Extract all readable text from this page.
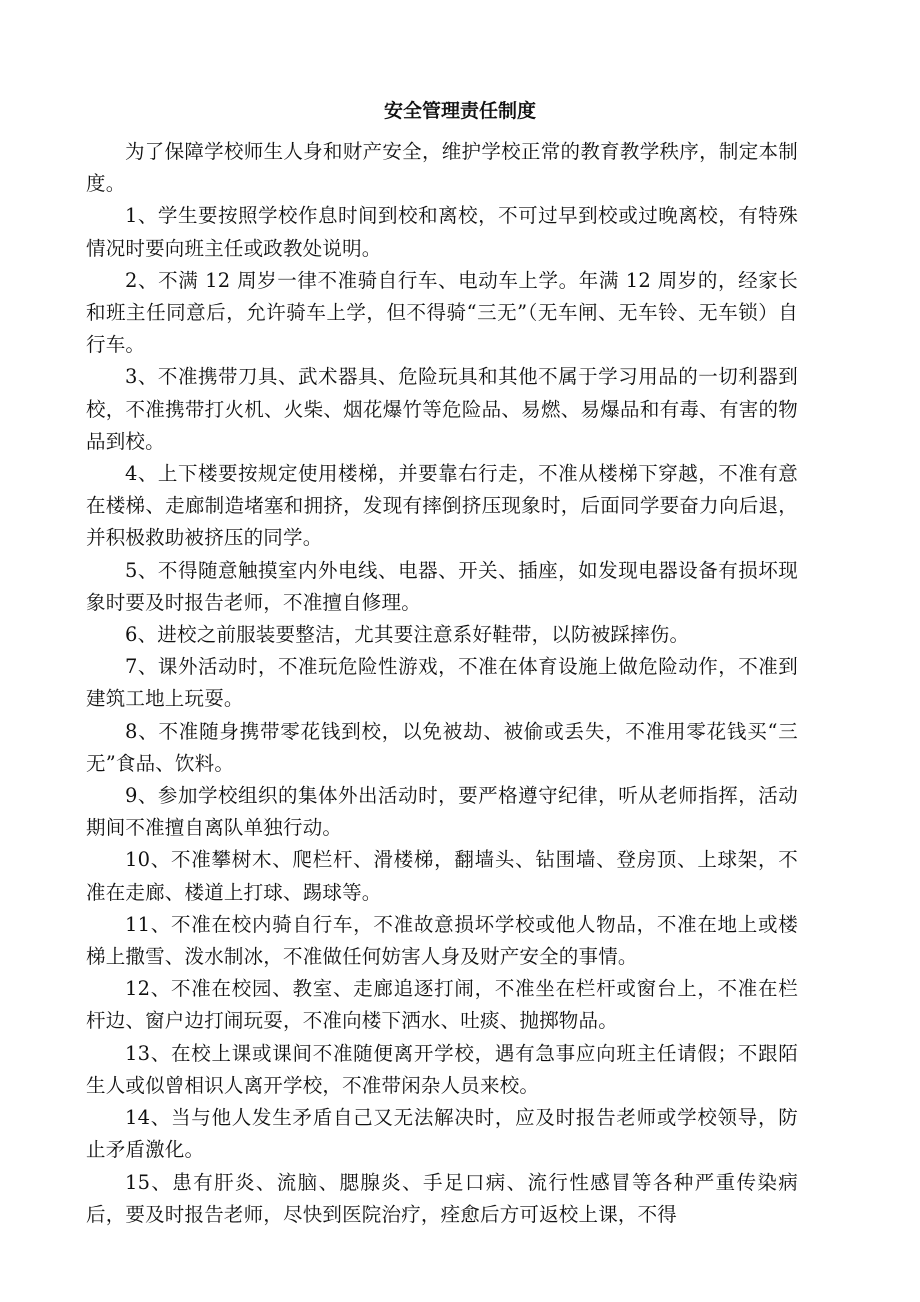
安全管理责任制度

为了保障学校师生人身和财产安全，维护学校正常的教育教学秩序，制定本制度。

1、学生要按照学校作息时间到校和离校，不可过早到校或过晚离校，有特殊情况时要向班主任或政教处说明。

2、不满 12 周岁一律不准骑自行车、电动车上学。年满 12 周岁的，经家长和班主任同意后，允许骑车上学，但不得骑“三无”（无车闸、无车铃、无车锁）自行车。

3、不准携带刀具、武术器具、危险玩具和其他不属于学习用品的一切利器到校，不准携带打火机、火柴、烟花爆竹等危险品、易燃、易爆品和有毒、有害的物品到校。

4、上下楼要按规定使用楼梯，并要靠右行走，不准从楼梯下穿越，不准有意在楼梯、走廊制造堵塞和拥挤，发现有摔倒挤压现象时，后面同学要奋力向后退，并积极救助被挤压的同学。

5、不得随意触摸室内外电线、电器、开关、插座，如发现电器设备有损坏现象时要及时报告老师，不准擅自修理。

6、进校之前服装要整洁，尤其要注意系好鞋带，以防被踩摔伤。

7、课外活动时，不准玩危险性游戏，不准在体育设施上做危险动作，不准到建筑工地上玩耍。

8、不准随身携带零花钱到校，以免被劫、被偷或丢失，不准用零花钱买“三无”食品、饮料。

9、参加学校组织的集体外出活动时，要严格遵守纪律，听从老师指挥，活动期间不准擅自离队单独行动。

10、不准攀树木、爬栏杆、滑楼梯，翻墙头、钻围墙、登房顶、上球架，不准在走廊、楼道上打球、踢球等。

11、不准在校内骑自行车，不准故意损坏学校或他人物品，不准在地上或楼梯上撒雪、泼水制冰，不准做任何妨害人身及财产安全的事情。

12、不准在校园、教室、走廊追逐打闹，不准坐在栏杆或窗台上，不准在栏杆边、窗户边打闹玩耍，不准向楼下洒水、吐痰、抛掷物品。

13、在校上课或课间不准随便离开学校，遇有急事应向班主任请假；不跟陌生人或似曾相识人离开学校，不准带闲杂人员来校。

14、当与他人发生矛盾自己又无法解决时，应及时报告老师或学校领导，防止矛盾激化。

15、患有肝炎、流脑、腮腺炎、手足口病、流行性感冒等各种严重传染病后，要及时报告老师，尽快到医院治疗，痊愈后方可返校上课，不得
